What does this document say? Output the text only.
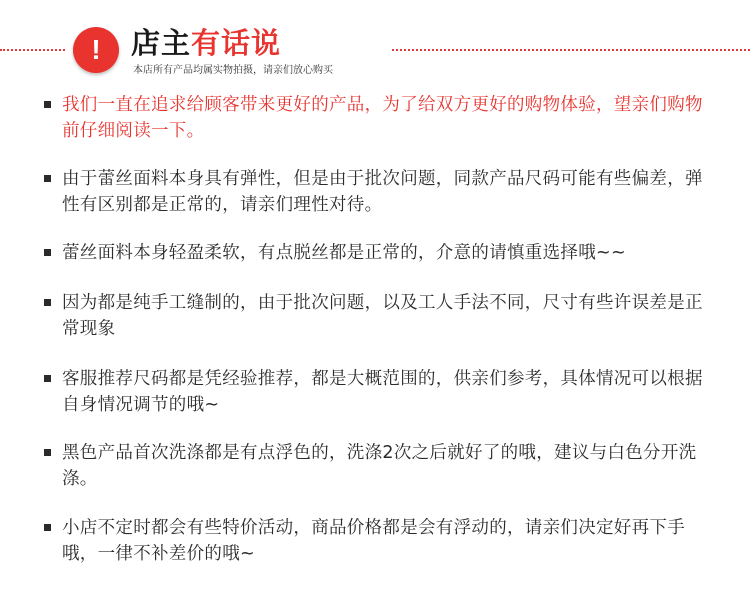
!	店主有话说
本店所有产品均属实物拍摄，请亲们放心购买
我们一直在追求给顾客带来更好的产品，为了给双方更好的购物体验，望亲们购物前仔细阅读一下。
由于蕾丝面料本身具有弹性，但是由于批次问题，同款产品尺码可能有些偏差，弹性有区别都是正常的，请亲们理性对待。
蕾丝面料本身轻盈柔软，有点脱丝都是正常的，介意的请慎重选择哦~~
因为都是纯手工缝制的，由于批次问题，以及工人手法不同，尺寸有些许误差是正常现象
客服推荐尺码都是凭经验推荐，都是大概范围的，供亲们参考，具体情况可以根据自身情况调节的哦~
黑色产品首次洗涤都是有点浮色的，洗涤2次之后就好了的哦，建议与白色分开洗涤。
小店不定时都会有些特价活动，商品价格都是会有浮动的，请亲们决定好再下手哦，一律不补差价的哦~
